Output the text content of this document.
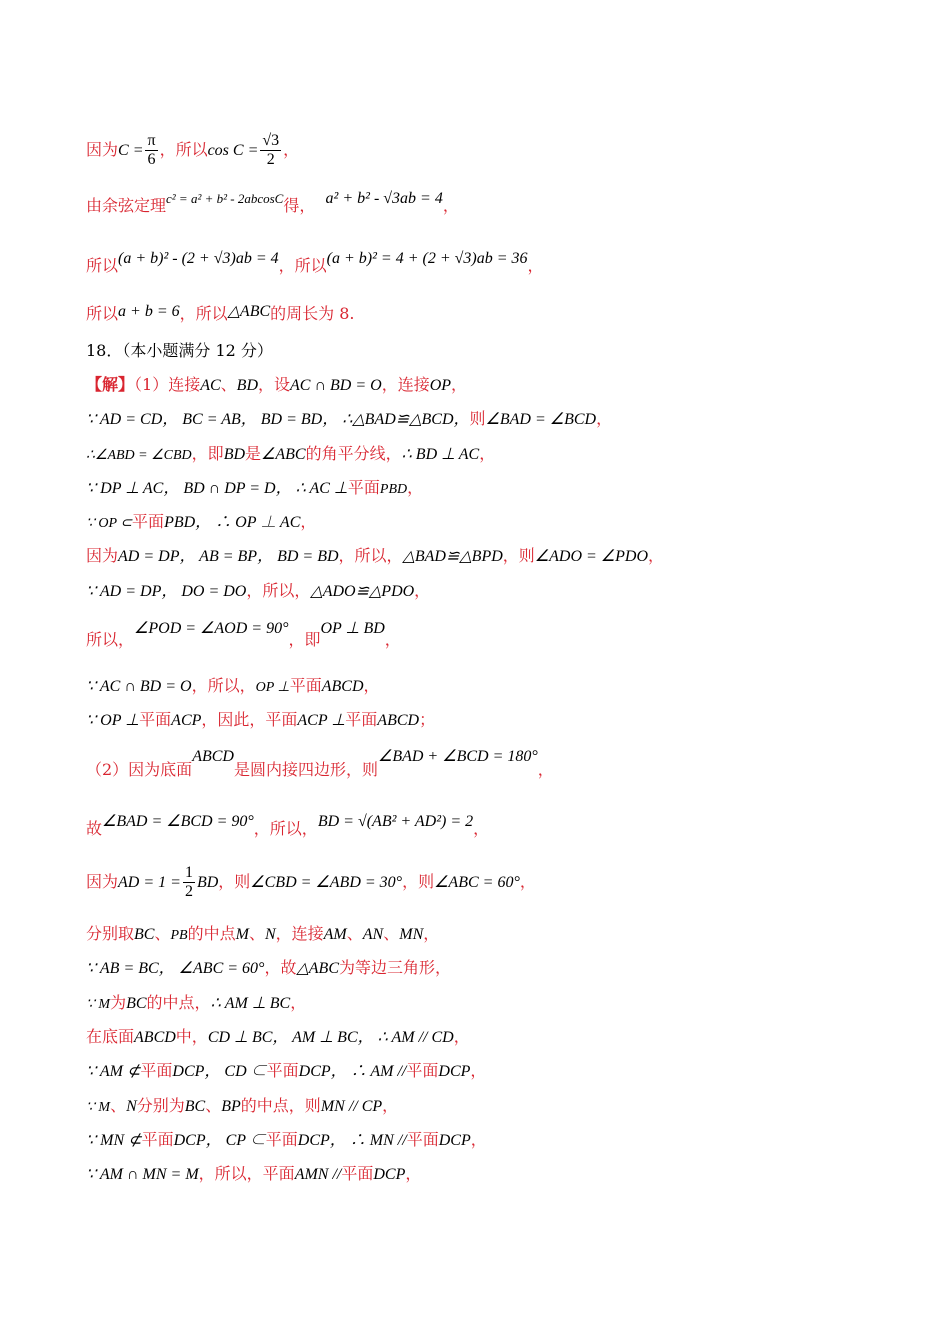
因为$C = \frac{\pi}{6}$ ，所以$\cos C = \frac{√3}{2}$ ，
由余弦定理$^{c^2 = a^2 + b^2 - 2abcosC}$得， a² + b² - √3ab = 4，
所以(a + b)² - (2 + √3)ab = 4，所以(a + b)² = 4 + (2 + √3)ab = 36，
所以a + b = 6，所以△ABC的周长为 8.
18．（本小题满分 12 分）
【解】（1）连接AC、BD，设AC ∩ BD = O，连接OP，
∵ AD = CD， BC = AB， BD = BD， ∴△BAD≌△BCD，则∠BAD = ∠BCD，
∴∠ABD = ∠CBD，即BD是∠ABC的角平分线，∴ BD ⊥ AC，
∵ DP ⊥ AC， BD ∩ DP = D， ∴ AC ⊥平面PBD，
∵ OP ⊂平面PBD， ∴ OP ⊥ AC，
因为AD = DP， AB = BP， BD = BD，所以，△BAD≌△BPD，则∠ADO = ∠PDO，
∵ AD = DP， DO = DO，所以，△ADO≌△PDO，
所以，∠POD = ∠AOD = 90°，即OP ⊥ BD，
∵ AC ∩ BD = O，所以，OP ⊥平面ABCD，
∵ OP ⊥平面ACP，因此，平面ACP ⊥平面ABCD；
（2）因为底面ABCD是圆内接四边形，则∠BAD + ∠BCD = 180°，
故∠BAD = ∠BCD = 90°，所以，BD = √(AB² + AD²) = 2，
因为AD = $1 = \frac{1}{2}$ BD，则∠CBD = ∠ABD = 30°，则∠ABC = 60°，
分别取BC、PB的中点M、N，连接AM、AN、MN，
∵ AB = BC， ∠ABC = 60°，故△ABC为等边三角形，
∵ M为BC的中点，∴ AM ⊥ BC，
在底面ABCD中，CD ⊥ BC， AM ⊥ BC， ∴ AM // CD，
∵ AM ⊄平面DCP， CD ⊂平面DCP， ∴ AM //平面DCP，
∵ M、N分别为BC、BP的中点，则MN // CP，
∵ MN ⊄平面DCP， CP ⊂平面DCP， ∴ MN //平面DCP，
∵ AM ∩ MN = M，所以，平面AMN //平面DCP，
